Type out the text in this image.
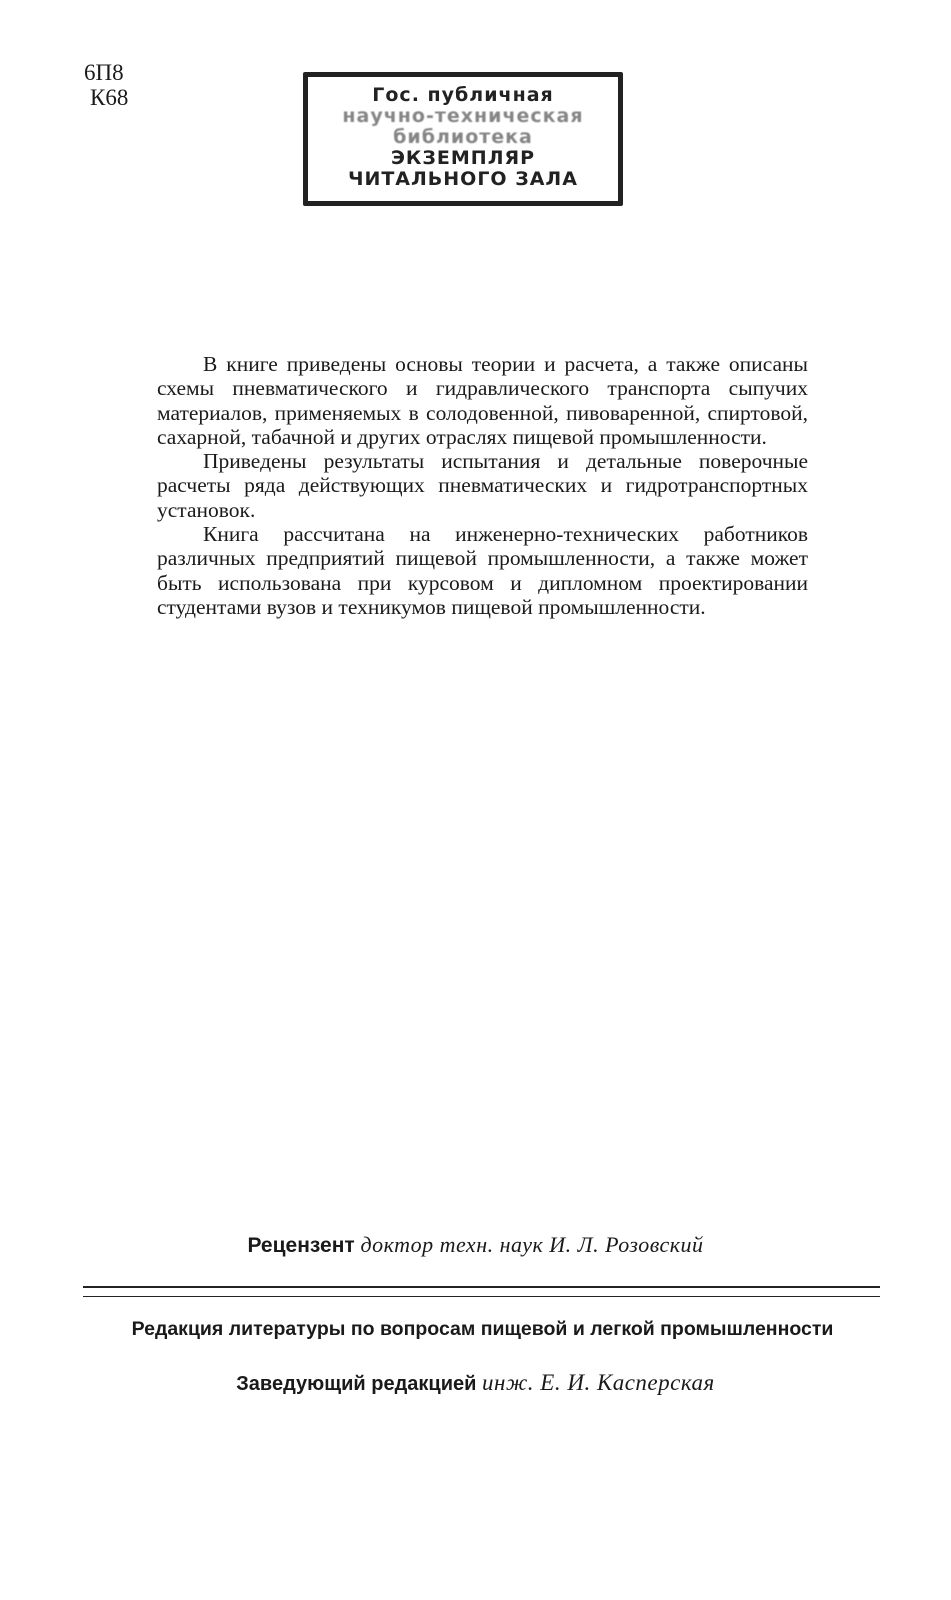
6П8
К68	Гос. публичная
научно-техническая
библиотека
ЭКЗЕМПЛЯР
ЧИТАЛЬНОГО ЗАЛА

В книге приведены основы теории и расчета, а также описаны схемы пневматического и гидравлического транспорта сыпучих материалов, применяемых в солодовенной, пивоваренной, спиртовой, сахарной, табачной и других отраслях пищевой промышленности.

Приведены результаты испытания и детальные поверочные расчеты ряда действующих пневматических и гидротранспортных установок.

Книга рассчитана на инженерно-технических работников различных предприятий пищевой промышленности, а также может быть использована при курсовом и дипломном проектировании студентами вузов и техникумов пищевой промышленности.

Рецензент доктор техн. наук И. Л. Розовский
Редакция литературы по вопросам пищевой и легкой промышленности
Заведующий редакцией инж. Е. И. Касперская
